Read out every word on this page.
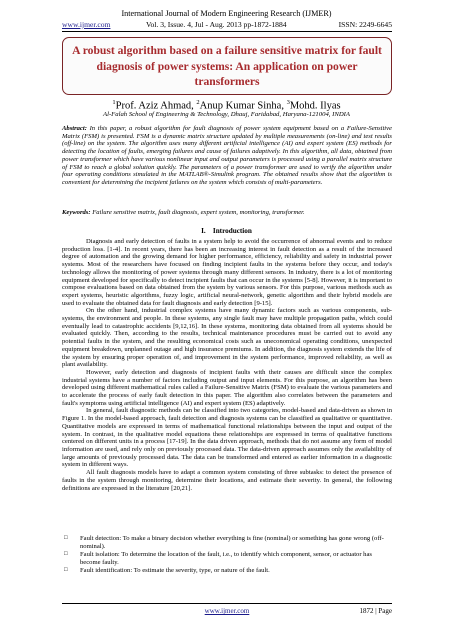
International Journal of Modern Engineering Research (IJMER)
www.ijmer.com	Vol. 3, Issue. 4, Jul - Aug. 2013 pp-1872-1884	ISSN: 2249-6645
A robust algorithm based on a failure sensitive matrix for fault diagnosis of power systems: An application on power transformers
$^1$Prof. Aziz Ahmad, $^2$Anup Kumar Sinha, $^3$Mohd. Ilyas
Al-Falah School of Engineering & Technology, Dhauj, Faridabad, Haryana-121004, INDIA
Abstract: In this paper, a robust algorithm for fault diagnosis of power system equipment based on a Failure-Sensitive Matrix (FSM) is presented. FSM is a dynamic matrix structure updated by multiple measurements (on-line) and test results (off-line) on the system. The algorithm uses many different artificial intelligence (AI) and expert system (ES) methods for detecting the location of faults, emerging failures and cause of failures adaptively. In this algorithm, all data, obtained from power transformer which have various nonlinear input and output parameters is processed using a parallel matrix structure of FSM to reach a global solution quickly. The parameters of a power transformer are used to verify the algorithm under four operating conditions simulated in the MATLAB®-Simulink program. The obtained results show that the algorithm is convenient for determining the incipient failures on the system which consists of multi-parameters.
Keywords: Failure sensitive matrix, fault diagnosis, expert system, monitoring, transformer.
I. Introduction

Diagnosis and early detection of faults in a system help to avoid the occurrence of abnormal events and to reduce production loss. [1-4]. In recent years, there has been an increasing interest in fault detection as a result of the increased degree of automation and the growing demand for higher performance, efficiency, reliability and safety in industrial power systems. Most of the researchers have focused on finding incipient faults in the systems before they occur, and today's technology allows the monitoring of power systems through many different sensors. In industry, there is a lot of monitoring equipment developed for specifically to detect incipient faults that can occur in the systems [5-8]. However, it is important to compose evaluations based on data obtained from the system by various sensors. For this purpose, various methods such as expert systems, heuristic algorithms, fuzzy logic, artificial neural-network, genetic algorithm and their hybrid models are used to evaluate the obtained data for fault diagnosis and early detection [9-15].

On the other hand, industrial complex systems have many dynamic factors such as various components, sub-systems, the environment and people. In these systems, any single fault may have multiple propagation paths, which could eventually lead to catastrophic accidents [9,12,16]. In these systems, monitoring data obtained from all systems should be evaluated quickly. Then, according to the results, technical maintenance procedures must be carried out to avoid any potential faults in the system, and the resulting economical costs such as uneconomical operating conditions, unexpected equipment breakdown, unplanned outage and high insurance premiums. In addition, the diagnosis system extends the life of the system by ensuring proper operation of, and improvement in the system performance, improved reliability, as well as plant availability.

However, early detection and diagnosis of incipient faults with their causes are difficult since the complex industrial systems have a number of factors including output and input elements. For this purpose, an algorithm has been developed using different mathematical rules called a Failure-Sensitive Matrix (FSM) to evaluate the various parameters and to accelerate the process of early fault detection in this paper. The algorithm also correlates between the parameters and fault's symptoms using artificial intelligence (AI) and expert system (ES) adaptively.

In general, fault diagnostic methods can be classified into two categories, model-based and data-driven as shown in Figure 1. In the model-based approach, fault detection and diagnosis systems can be classified as qualitative or quantitative. Quantitative models are expressed in terms of mathematical functional relationships between the input and output of the system. In contrast, in the qualitative model equations these relationships are expressed in terms of qualitative functions centered on different units in a process [17-19]. In the data driven approach, methods that do not assume any form of model information are used, and rely only on previously processed data. The data-driven approach assumes only the availability of large amounts of previously processed data. The data can be transformed and entered as earlier information in a diagnostic system in different ways.

All fault diagnosis models have to adapt a common system consisting of three subtasks: to detect the presence of faults in the system through monitoring, determine their locations, and estimate their severity. In general, the following definitions are expressed in the literature [20,21].

□ Fault detection: To make a binary decision whether everything is fine (nominal) or something has gone wrong (off-nominal).
□ Fault isolation: To determine the location of the fault, i.e., to identify which component, sensor, or actuator has become faulty.
□ Fault identification: To estimate the severity, type, or nature of the fault.
www.ijmer.com	1872 | Page
